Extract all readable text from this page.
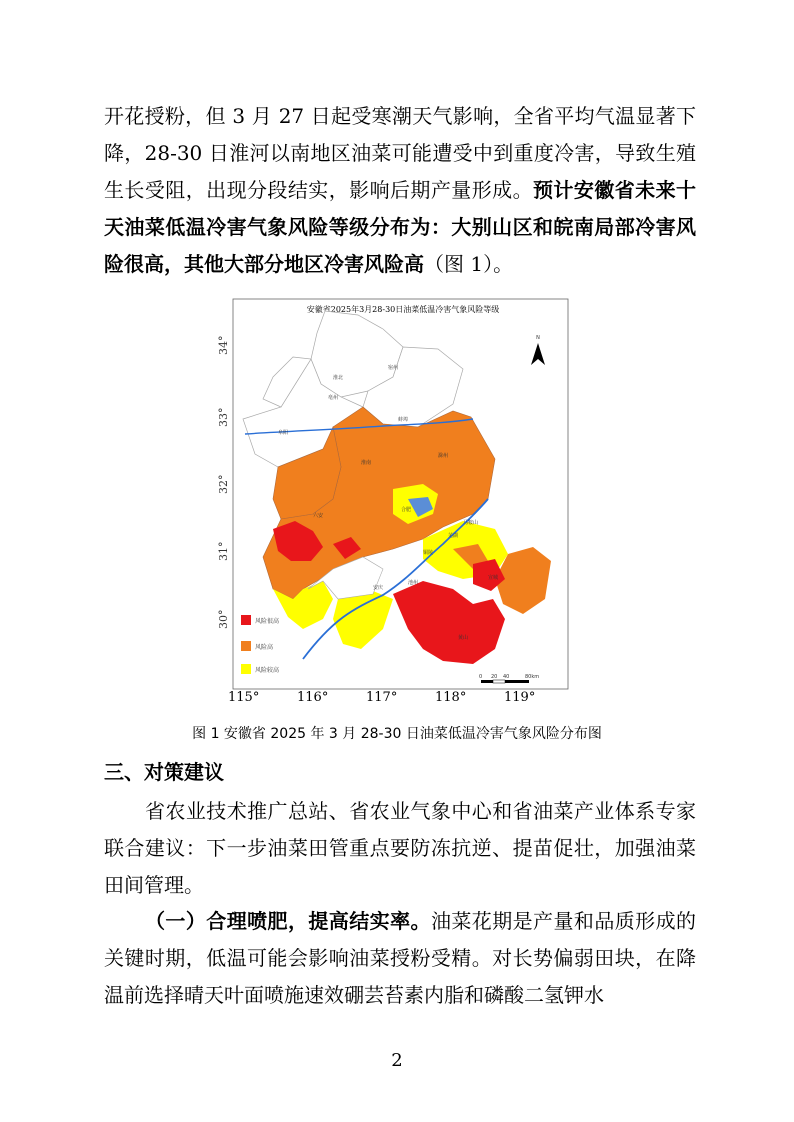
开花授粉，但 3 月 27 日起受寒潮天气影响，全省平均气温显著下降，28-30 日淮河以南地区油菜可能遭受中到重度冷害，导致生殖生长受阻，出现分段结实，影响后期产量形成。预计安徽省未来十天油菜低温冷害气象风险等级分布为：大别山区和皖南局部冷害风险很高，其他大部分地区冷害风险高（图 1）。

安徽省2025年3月28-30日油菜低温冷害气象风险等级
N
淮北
宿州
亳州
阜阳
蚌埠
淮南
滁州
合肥
六安
马鞍山
芜湖
铜陵
宣城
安庆
池州
黄山
34°
33°
32°
31°
30°	风险很高
风险高
风险较高
0 20 40	80km
115°	116°	117°	118°	119°
图 1 安徽省 2025 年 3 月 28-30 日油菜低温冷害气象风险分布图
三、对策建议

省农业技术推广总站、省农业气象中心和省油菜产业体系专家联合建议：下一步油菜田管重点要防冻抗逆、提苗促壮，加强油菜田间管理。

（一）合理喷肥，提高结实率。油菜花期是产量和品质形成的关键时期，低温可能会影响油菜授粉受精。对长势偏弱田块，在降温前选择晴天叶面喷施速效硼芸苔素内脂和磷酸二氢钾水

2
